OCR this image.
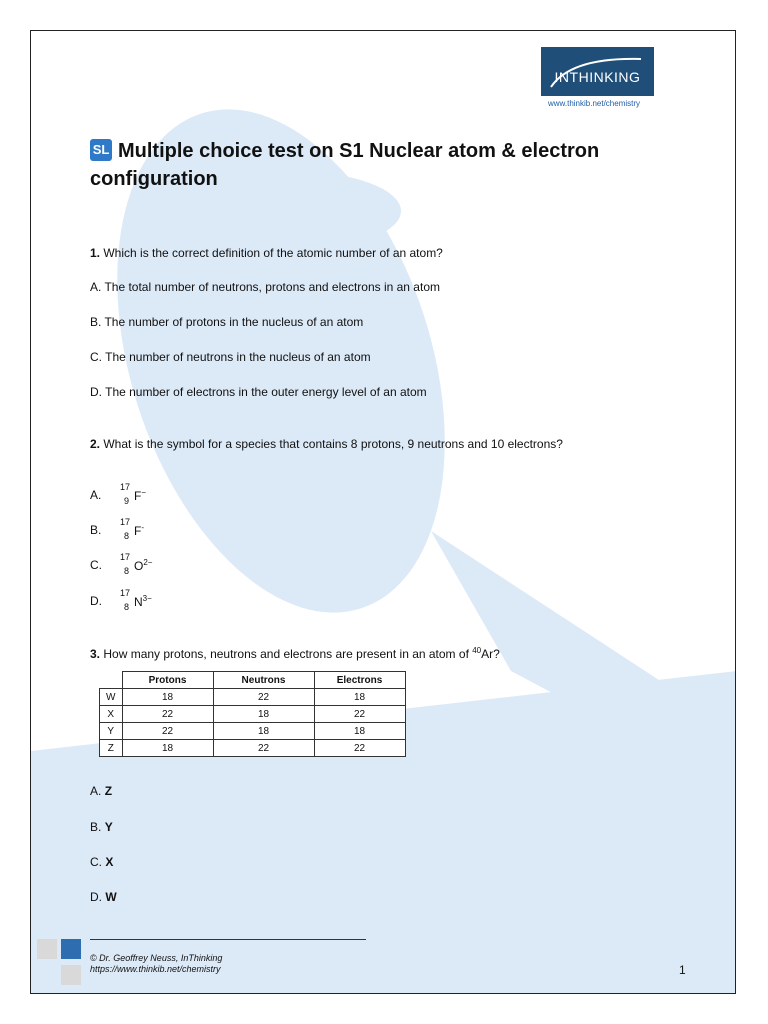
INTHINKING
www.thinkib.net/chemistry
SL Multiple choice test on S1 Nuclear atom & electron configuration
1. Which is the correct definition of the atomic number of an atom?
A. The total number of neutrons, protons and electrons in an atom
B. The number of protons in the nucleus of an atom
C. The number of neutrons in the nucleus of an atom
D. The number of electrons in the outer energy level of an atom
2. What is the symbol for a species that contains 8 protons, 9 neutrons and 10 electrons?
A.
17
9 F−
B.
17
8 F-
C.
17
8 $O^{2-}$
D.
17
8 $N^{3-}$
3. How many protons, neutrons and electrons are present in an atom of $^{40}$Ar?
	Protons	Neutrons	Electrons
W	18	22	18
X	22	18	22
Y	22	18	18
Z	18	22	22
A. Z
B. Y
C. X
D. W
© Dr. Geoffrey Neuss, InThinking
https://www.thinkib.net/chemistry	1
